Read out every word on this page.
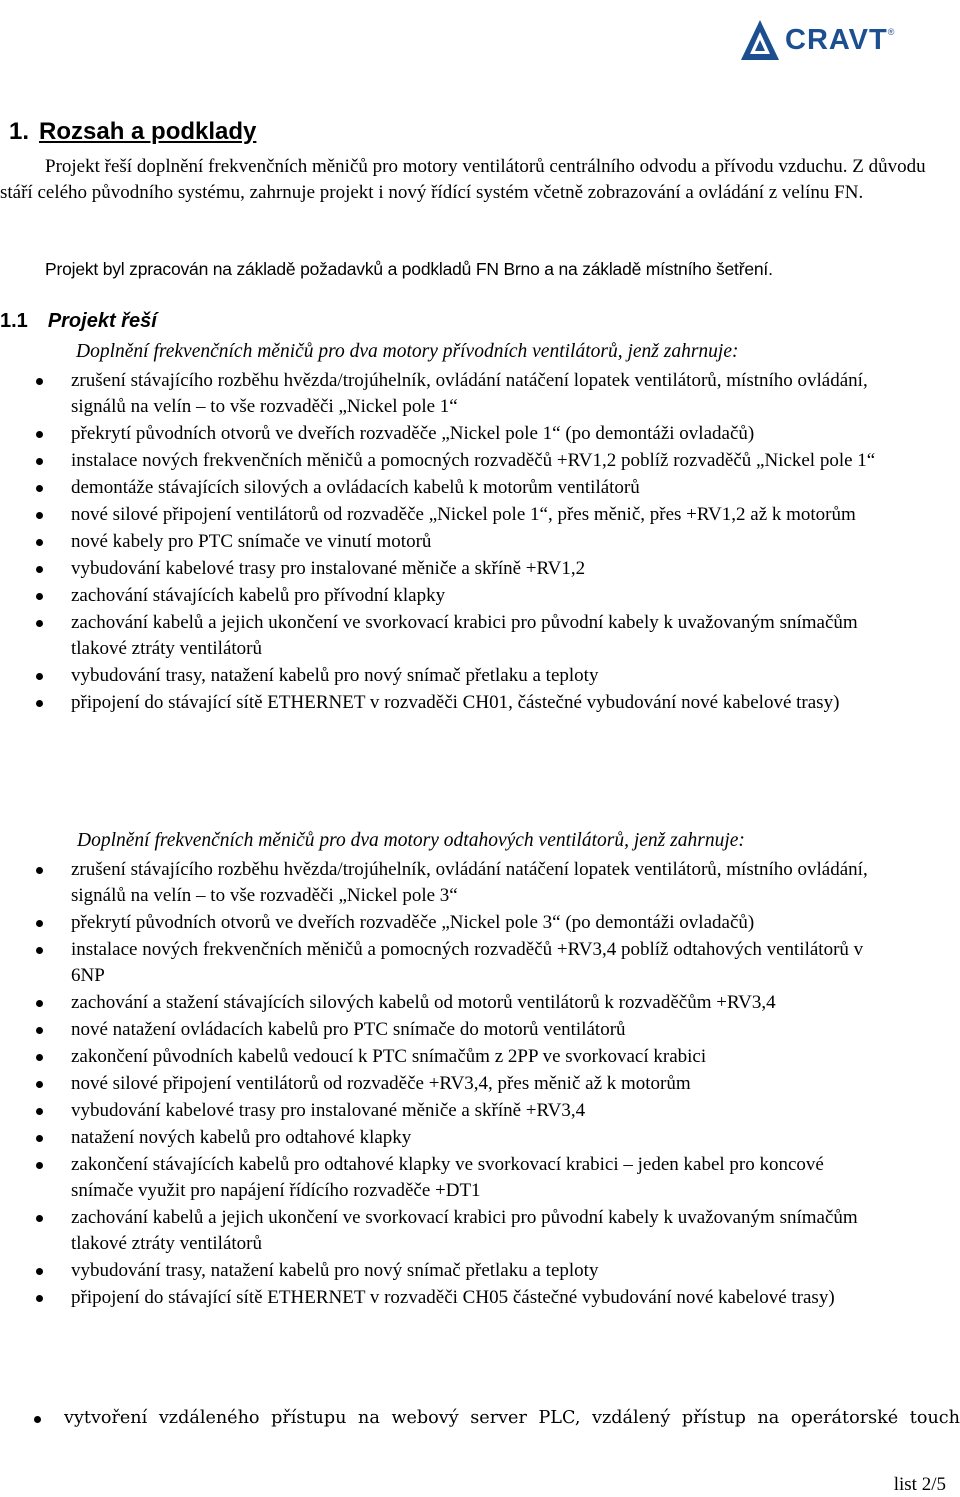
CRAVT ®
1. Rozsah a podklady
Projekt řeší doplnění frekvenčních měničů pro motory ventilátorů centrálního odvodu a přívodu vzduchu. Z důvodu stáří celého původního systému, zahrnuje projekt i nový řídící systém včetně zobrazování a ovládání z velínu FN.
Projekt byl zpracován na základě požadavků a podkladů FN Brno a na základě místního šetření.
1.1 Projekt řeší
Doplnění frekvenčních měničů pro dva motory přívodních ventilátorů, jenž zahrnuje:
zrušení stávajícího rozběhu hvězda/trojúhelník, ovládání natáčení lopatek ventilátorů, místního ovládání, signálů na velín – to vše rozvaděči „Nickel pole 1“
překrytí původních otvorů ve dveřích rozvaděče „Nickel pole 1“ (po demontáži ovladačů)
instalace nových frekvenčních měničů a pomocných rozvaděčů +RV1,2 poblíž rozvaděčů „Nickel pole 1“
demontáže stávajících silových a ovládacích kabelů k motorům ventilátorů
nové silové připojení ventilátorů od rozvaděče „Nickel pole 1“, přes měnič, přes +RV1,2 až k motorům
nové kabely pro PTC snímače ve vinutí motorů
vybudování kabelové trasy pro instalované měniče a skříně +RV1,2
zachování stávajících kabelů pro přívodní klapky
zachování kabelů a jejich ukončení ve svorkovací krabici pro původní kabely k uvažovaným snímačům tlakové ztráty ventilátorů
vybudování trasy, natažení kabelů pro nový snímač přetlaku a teploty
připojení do stávající sítě ETHERNET v rozvaděči CH01, částečné vybudování nové kabelové trasy)
Doplnění frekvenčních měničů pro dva motory odtahových ventilátorů, jenž zahrnuje:
zrušení stávajícího rozběhu hvězda/trojúhelník, ovládání natáčení lopatek ventilátorů, místního ovládání, signálů na velín – to vše rozvaděči „Nickel pole 3“
překrytí původních otvorů ve dveřích rozvaděče „Nickel pole 3“ (po demontáži ovladačů)
instalace nových frekvenčních měničů a pomocných rozvaděčů +RV3,4 poblíž odtahových ventilátorů v 6NP
zachování a stažení stávajících silových kabelů od motorů ventilátorů k rozvaděčům +RV3,4
nové natažení ovládacích kabelů pro PTC snímače do motorů ventilátorů
zakončení původních kabelů vedoucí k PTC snímačům z 2PP ve svorkovací krabici
nové silové připojení ventilátorů od rozvaděče +RV3,4, přes měnič až k motorům
vybudování kabelové trasy pro instalované měniče a skříně +RV3,4
natažení nových kabelů pro odtahové klapky
zakončení stávajících kabelů pro odtahové klapky ve svorkovací krabici – jeden kabel pro koncové snímače využit pro napájení řídícího rozvaděče +DT1
zachování kabelů a jejich ukončení ve svorkovací krabici pro původní kabely k uvažovaným snímačům tlakové ztráty ventilátorů
vybudování trasy, natažení kabelů pro nový snímač přetlaku a teploty
připojení do stávající sítě ETHERNET v rozvaděči CH05 částečné vybudování nové kabelové trasy)
vytvoření vzdáleného přístupu na webový server PLC, vzdálený přístup na operátorské touch
list 2/5
